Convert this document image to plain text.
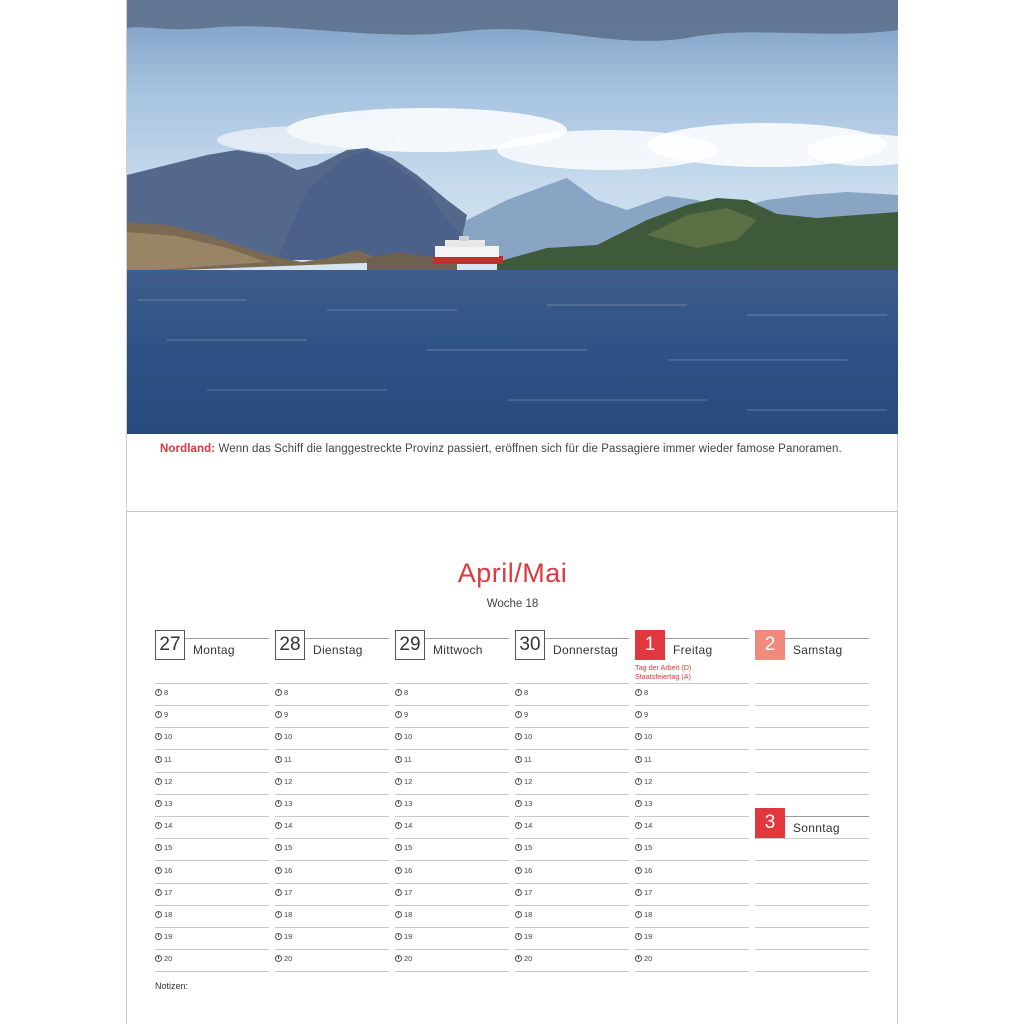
Nordland: Wenn das Schiff die langgestreckte Provinz passiert, eröffnen sich für die Passagiere immer wieder famose Panoramen.
April/Mai
Woche 18
27	Montag
8
9
10
11
12
13
14
15
16
17
18
19
20
28	Dienstag
8
9
10
11
12
13
14
15
16
17
18
19
20
29	Mittwoch
8
9
10
11
12
13
14
15
16
17
18
19
20
30	Donnerstag
8
9
10
11
12
13
14
15
16
17
18
19
20
1	Freitag
Tag der Arbeit (D)
Staatsfeiertag (A)
8
9
10
11
12
13
14
15
16
17
18
19
20
2	Samstag
3	Sonntag
Notizen:
